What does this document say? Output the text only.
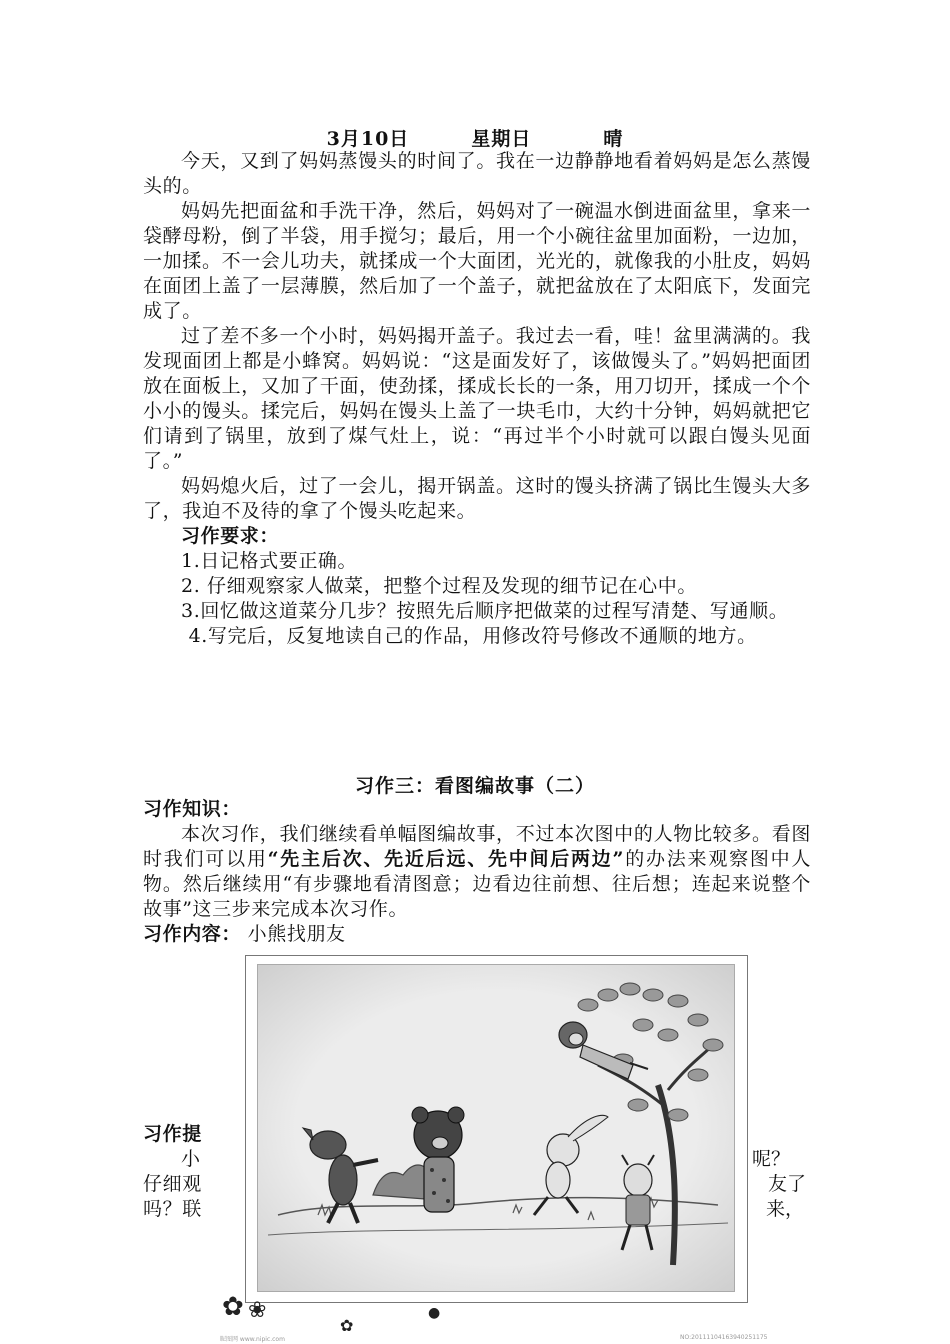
3月10日	星期日	晴

今天，又到了妈妈蒸馒头的时间了。我在一边静静地看着妈妈是怎么蒸馒头的。

妈妈先把面盆和手洗干净，然后，妈妈对了一碗温水倒进面盆里，拿来一袋酵母粉，倒了半袋，用手搅匀；最后，用一个小碗往盆里加面粉，一边加，一加揉。不一会儿功夫，就揉成一个大面团，光光的，就像我的小肚皮，妈妈在面团上盖了一层薄膜，然后加了一个盖子，就把盆放在了太阳底下，发面完成了。

过了差不多一个小时，妈妈揭开盖子。我过去一看，哇！盆里满满的。我发现面团上都是小蜂窝。妈妈说：“这是面发好了，该做馒头了。”妈妈把面团放在面板上，又加了干面，使劲揉，揉成长长的一条，用刀切开，揉成一个个小小的馒头。揉完后，妈妈在馒头上盖了一块毛巾，大约十分钟，妈妈就把它们请到了锅里，放到了煤气灶上，说：“再过半个小时就可以跟白馒头见面了。”

妈妈熄火后，过了一会儿，揭开锅盖。这时的馒头挤满了锅比生馒头大多了，我迫不及待的拿了个馒头吃起来。

习作要求：

1.日记格式要正确。

2. 仔细观察家人做菜，把整个过程及发现的细节记在心中。

3.回忆做这道菜分几步？按照先后顺序把做菜的过程写清楚、写通顺。

4.写完后，反复地读自己的作品，用修改符号修改不通顺的地方。

习作三：看图编故事（二）

习作知识：

本次习作，我们继续看单幅图编故事，不过本次图中的人物比较多。看图时我们可以用“先主后次、先近后远、先中间后两边”的办法来观察图中人物。然后继续用“有步骤地看清图意；边看边往前想、往后想；连起来说整个故事”这三步来完成本次习作。

习作内容： 小熊找朋友

习作提
小	呢？
仔细观	友了
吗？联	来，
✿ ❀
✿
●
昵图网 www.nipic.com	NO:20111104163940251175
